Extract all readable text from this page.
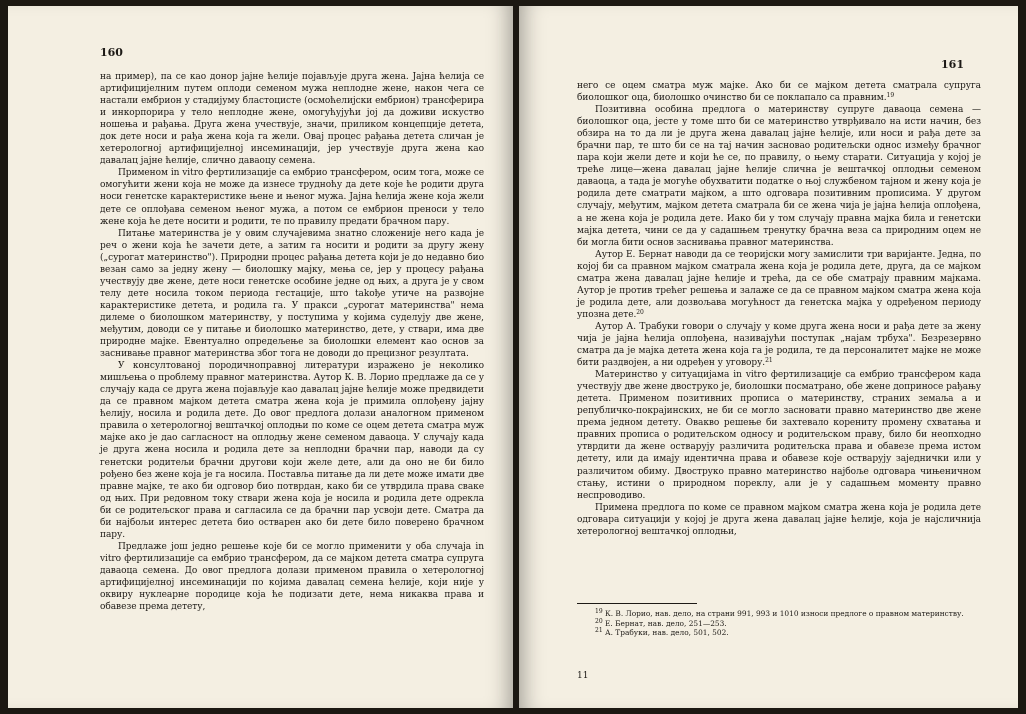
160

на пример), па се као донор јајне ћелије појављује друга жена. Јајна ћелија се артифицијелним путем оплоди семеном мужа неплодне жене, након чега се настали ембрион у стадијуму бластоцисте (осмоћелијски ембрион) трансферира и инкорпорира у тело неплодне жене, омогућујући јој да доживи искуство ношења и рађања. Друга жена учествује, значи, приликом концепције детета, док дете носи и рађа жена која га жели. Овај процес рађања детета сличан је хетерологној артифицијелној инсеминацији, јер учествује друга жена као давалац јајне ћелије, слично даваоцу семена.

Применом in vitro фертилизације са ембрио трансфером, осим тога, може се омогућити жени која не може да изнесе трудноћу да дете које ће родити друга носи генетске карактеристике њене и њеног мужа. Јајна ћелија жене која жели дете се оплођава семеном њеног мужа, а потом се ембрион преноси у тело жене која ће дете носити и родити, те по правилу предати брачном пару.

Питање материнства је у овим случајевима знатно сложеније него када је реч о жени која ће зачети дете, а затим га носити и родити за другу жену („сурогат материнство"). Природни процес рађања детета који је до недавно био везан само за једну жену — биолошку мајку, мења се, јер у процесу рађања учествују две жене, дете носи генетске особине једне од њих, а друга је у свом телу дете носила током периода гестације, што takoђе утиче на развојне карактеристике детета, и родила га. У пракси „сурогат материнства" нема дилеме о биолошком материнству, у поступима у којима суделују две жене, међутим, доводи се у питање и биолошко материнство, дете, у ствари, има две природне мајке. Евентуално опредељење за биолошки елемент као основ за заснивање правног материнства због тога не доводи до прецизног резултата.

У консултованој породичноправној литератури изражено је неколико мишљења о проблему правног материнства. Аутор К. В. Лорио предлаже да се у случају када се друга жена појављује као давалац јајне ћелије може предвидети да се правном мајком детета сматра жена која је примила оплођену јајну ћелију, носила и родила дете. До овог предлога долази аналогном применом правила о хетерологној вештачкој оплодњи по коме се оцем детета сматра муж мајке ако је дао сагласност на оплодњу жене семеном даваоца. У случају када је друга жена носила и родила дете за неплодни брачни пар, наводи да су генетски родитељи брачни другови који желе дете, али да оно не би било рођено без жене која је га носила. Постављa питање да ли дете може имати две правне мајке, те ако би одговор био потврдан, како би се утврдила права сваке од њих. При редовном току ствари жена која је носила и родила дете одрекла би се родитељског права и сагласила се да брачни пар усвоји дете. Сматра да би најбољи интерес детета био остварен ако би дете било поверено брачном пару.

Предлаже још једно решење које би се могло применити у оба случаја in vitro фертилизације са ембрио трансфером, да се мајком детета сматра супруга даваоца семена. До овог предлога долази применом правила о хетерологној артифицијелној инсеминацији по којима давалац семена ћелије, који није у оквиру нуклеарне породице која ће подизати дете, нема никаква права и обавезе према детету,

161

него се оцем сматра муж мајке. Ако би се мајком детета сматрала супруга биолошког оца, биолошко очинство би се поклапало са правним.$^{19}$

Позитивна особина предлога о материнству супруге даваоца семена — биолошког оца, јесте у томе што би се материнство утврђивало на исти начин, без обзира на то да ли је друга жена давалац јајне ћелије, или носи и рађа дете за брачни пар, те што би се на тај начин засновао родитељски однос између брачног пара који жели дете и који ће се, по правилу, о њему старати. Ситуација у којој је треће лице—жена давалац јајне ћелије слична је вештачкој оплодњи семеном даваоца, а тада је могуће обухватити податке о њој службеном тајном и жену која је родила дете сматрати мајком, а што одговара позитивним прописима. У другом случају, међутим, мајком детета сматрала би се жена чија је јајна ћелија оплођена, а не жена која је родила дете. Иако би у том случају правна мајка била и генетски мајка детета, чини се да у садашњем тренутку брачна веза са природним оцем не би могла бити основ заснивања правног материнства.

Аутор Е. Бернат наводи да се теоријски могу замислити три варијанте. Једна, по којој би са правном мајком сматрала жена која је родила дете, друга, да се мајком сматра жена давалац јајне ћелије и трећа, да се обе сматрају правним мајкама. Аутор је против трећег решења и залаже се да се правном мајком сматра жена која је родила дете, али дозвољава могућност да генетска мајка у одређеном периоду упозна дете.$^{20}$

Аутор А. Трабуки говори о случају у коме друга жена носи и рађа дете за жену чија је јајна ћелија оплођена, називајући поступак „најам трбуха". Безрезервно сматра да је мајка детета жена која га је родила, те да персоналитет мајке не може бити раздвојен, а ни одређен у уговору.$^{21}$

Материнство у ситуацијама in vitro фертилизације са ембрио трансфером када учествују две жене двоструко је, биолошки посматрано, обе жене доприносе рађању детета. Применом позитивних прописа о материнству, страних земаља а и републичко-покрајинских, не би се могло засновати правно материнство две жене према једном детету. Овакво решење би захтевало корениту промену схватања и правних прописа о родитељском односу и родитељском праву, било би неопходно утврдити да жене остварују различита родитељска права и обавезе према истом детету, или да имају идентична права и обавезе које остварују заједнички или у различитом обиму. Двоструко правно материнство најбоље одговара чињеничном стању, истини о природном пореклу, али је у садашњем моменту правно неспроводиво.

Примена предлога по коме се правном мајком сматра жена која је родила дете одговара ситуацији у којој је друга жена давалац јајне ћелије, која је најсличнија хетерологној вештачкој оплодњи,

$^{19}$ К. В. Лорио, нав. дело, на страни 991, 993 и 1010 износи предлоге о правном материнству.

$^{20}$ Е. Бернат, нав. дело, 251—253.

$^{21}$ А. Трабуки, нав. дело, 501, 502.

11
